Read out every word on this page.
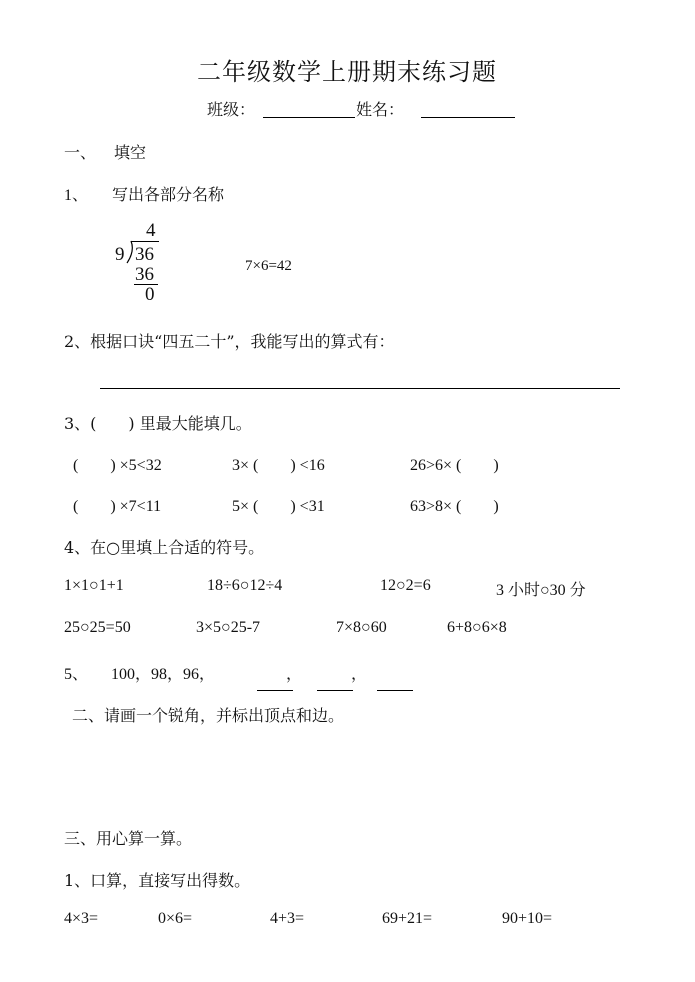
二年级数学上册期末练习题
班级：	姓名：
一、 填空
1、 写出各部分名称
4
9 36
36
0
7×6=42
2、根据口诀“四五二十”，我能写出的算式有：
3、(　　) 里最大能填几。
(　　) ×5<32	3× (　　) <16	26>6× (　　)
(　　) ×7<11	5× (　　) <31	63>8× (　　)
4、在○里填上合适的符号。
1×1○1+1	18÷6○12÷4	12○2=6	3 小时○30 分
25○25=50	3×5○25-7	7×8○60	6+8○6×8
5、 100，98，96，	，	，
二、请画一个锐角，并标出顶点和边。
三、用心算一算。
1、口算，直接写出得数。
4×3=	0×6=	4+3=	69+21=	90+10=
